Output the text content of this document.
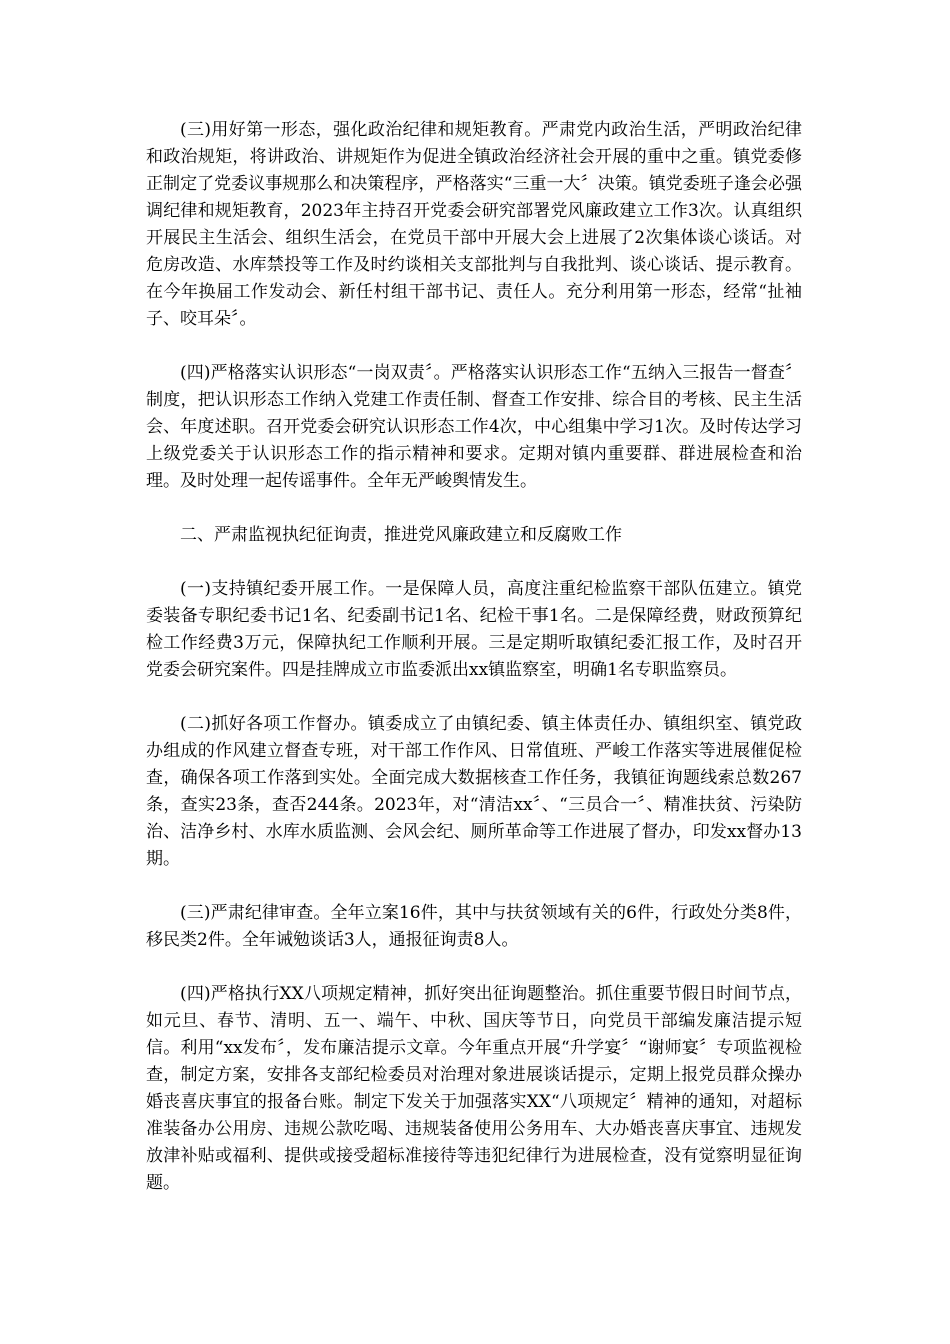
(三)用好第一形态，强化政治纪律和规矩教育。严肃党内政治生活，严明政治纪律和政治规矩，将讲政治、讲规矩作为促进全镇政治经济社会开展的重中之重。镇党委修正制定了党委议事规那么和决策程序，严格落实“三重一大〞决策。镇党委班子逢会必强调纪律和规矩教育，2023年主持召开党委会研究部署党风廉政建立工作3次。认真组织开展民主生活会、组织生活会，在党员干部中开展大会上进展了2次集体谈心谈话。对危房改造、水库禁投等工作及时约谈相关支部批判与自我批判、谈心谈话、提示教育。在今年换届工作发动会、新任村组干部书记、责任人。充分利用第一形态，经常“扯袖子、咬耳朵〞。

(四)严格落实认识形态“一岗双责〞。严格落实认识形态工作“五纳入三报告一督查〞制度，把认识形态工作纳入党建工作责任制、督查工作安排、综合目的考核、民主生活会、年度述职。召开党委会研究认识形态工作4次，中心组集中学习1次。及时传达学习上级党委关于认识形态工作的指示精神和要求。定期对镇内重要群、群进展检查和治理。及时处理一起传谣事件。全年无严峻舆情发生。

二、严肃监视执纪征询责，推进党风廉政建立和反腐败工作

(一)支持镇纪委开展工作。一是保障人员，高度注重纪检监察干部队伍建立。镇党委装备专职纪委书记1名、纪委副书记1名、纪检干事1名。二是保障经费，财政预算纪检工作经费3万元，保障执纪工作顺利开展。三是定期听取镇纪委汇报工作，及时召开党委会研究案件。四是挂牌成立市监委派出xx镇监察室，明确1名专职监察员。

(二)抓好各项工作督办。镇委成立了由镇纪委、镇主体责任办、镇组织室、镇党政办组成的作风建立督查专班，对干部工作作风、日常值班、严峻工作落实等进展催促检查，确保各项工作落到实处。全面完成大数据核查工作任务，我镇征询题线索总数267条，查实23条，查否244条。2023年，对“清洁xx〞、“三员合一〞、精准扶贫、污染防治、洁净乡村、水库水质监测、会风会纪、厕所革命等工作进展了督办，印发xx督办13期。

(三)严肃纪律审查。全年立案16件，其中与扶贫领域有关的6件，行政处分类8件，移民类2件。全年诫勉谈话3人，通报征询责8人。

(四)严格执行XX八项规定精神，抓好突出征询题整治。抓住重要节假日时间节点，如元旦、春节、清明、五一、端午、中秋、国庆等节日，向党员干部编发廉洁提示短信。利用“xx发布〞，发布廉洁提示文章。今年重点开展“升学宴〞“谢师宴〞专项监视检查，制定方案，安排各支部纪检委员对治理对象进展谈话提示，定期上报党员群众操办婚丧喜庆事宜的报备台账。制定下发关于加强落实XX“八项规定〞精神的通知，对超标准装备办公用房、违规公款吃喝、违规装备使用公务用车、大办婚丧喜庆事宜、违规发放津补贴或福利、提供或接受超标准接待等违犯纪律行为进展检查，没有觉察明显征询题。
